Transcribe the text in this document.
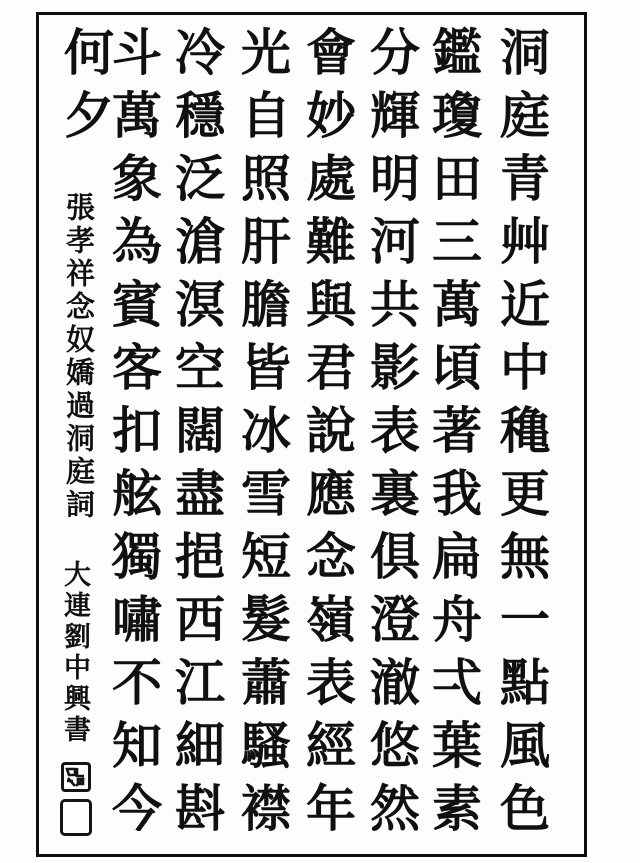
洞庭青艸近中穐更無一點風色
鑑瓊田三萬頃著我扁舟弌葉素
分輝明河共影表裏俱澄澈悠然
會妙處難與君說應念嶺表經年
光自照肝膽皆冰雪短髮蕭騷襟
冷穩泛滄溟空闊盡挹西江細斟
斗萬象為賓客扣舷獨嘯不知今
何夕
張孝祥念奴嬌過洞庭詞
大連劉中興書
